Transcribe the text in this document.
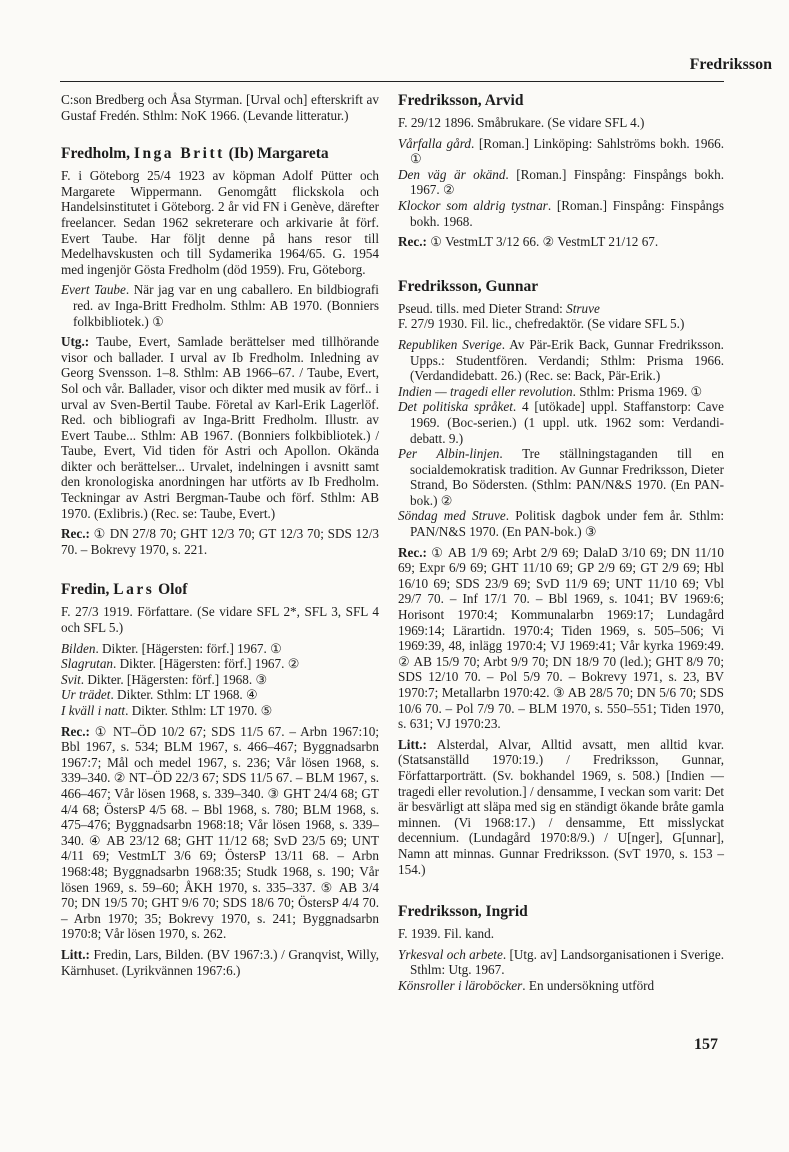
Fredriksson

C:son Bredberg och Åsa Styrman. [Urval och] efterskrift av Gustaf Fredén. Sthlm: NoK 1966. (Levande litteratur.)

Fredholm, Inga Britt (Ib) Margareta

F. i Göteborg 25/4 1923 av köpman Adolf Pütter och Margarete Wippermann. Genomgått flickskola och Handelsinstitutet i Göteborg. 2 år vid FN i Genève, därefter freelancer. Sedan 1962 sekreterare och arkivarie åt förf. Evert Taube. Har följt denne på hans resor till Medelhavskusten och till Sydamerika 1964/65. G. 1954 med ingenjör Gösta Fredholm (död 1959). Fru, Göteborg.

Evert Taube. När jag var en ung caballero. En bildbiografi red. av Inga-Britt Fredholm. Sthlm: AB 1970. (Bonniers folkbibliotek.) ①

Utg.: Taube, Evert, Samlade berättelser med tillhörande visor och ballader. I urval av Ib Fredholm. Inledning av Georg Svensson. 1–8. Sthlm: AB 1966–67. / Taube, Evert, Sol och vår. Ballader, visor och dikter med musik av förf.. i urval av Sven-Bertil Taube. Företal av Karl-Erik Lagerlöf. Red. och bibliografi av Inga-Britt Fredholm. Illustr. av Evert Taube... Sthlm: AB 1967. (Bonniers folkbibliotek.) / Taube, Evert, Vid tiden för Astri och Apollon. Okända dikter och berättelser... Urvalet, indelningen i avsnitt samt den kronologiska anordningen har utförts av Ib Fredholm. Teckningar av Astri Bergman-Taube och förf. Sthlm: AB 1970. (Exlibris.) (Rec. se: Taube, Evert.)

Rec.: ① DN 27/8 70; GHT 12/3 70; GT 12/3 70; SDS 12/3 70. – Bokrevy 1970, s. 221.

Fredin, Lars Olof

F. 27/3 1919. Författare. (Se vidare SFL 2*, SFL 3, SFL 4 och SFL 5.)

Bilden. Dikter. [Hägersten: förf.] 1967. ①

Slagrutan. Dikter. [Hägersten: förf.] 1967. ②

Svit. Dikter. [Hägersten: förf.] 1968. ③

Ur trädet. Dikter. Sthlm: LT 1968. ④

I kväll i natt. Dikter. Sthlm: LT 1970. ⑤

Rec.: ① NT–ÖD 10/2 67; SDS 11/5 67. – Arbn 1967:10; Bbl 1967, s. 534; BLM 1967, s. 466–467; Byggnadsarbn 1967:7; Mål och medel 1967, s. 236; Vår lösen 1968, s. 339–340. ② NT–ÖD 22/3 67; SDS 11/5 67. – BLM 1967, s. 466–467; Vår lösen 1968, s. 339–340. ③ GHT 24/4 68; GT 4/4 68; ÖstersP 4/5 68. – Bbl 1968, s. 780; BLM 1968, s. 475–476; Byggnadsarbn 1968:18; Vår lösen 1968, s. 339–340. ④ AB 23/12 68; GHT 11/12 68; SvD 23/5 69; UNT 4/11 69; VestmLT 3/6 69; ÖstersP 13/11 68. – Arbn 1968:48; Byggnadsarbn 1968:35; Studk 1968, s. 190; Vår lösen 1969, s. 59–60; ÅKH 1970, s. 335–337. ⑤ AB 3/4 70; DN 19/5 70; GHT 9/6 70; SDS 18/6 70; ÖstersP 4/4 70. – Arbn 1970; 35; Bokrevy 1970, s. 241; Byggnadsarbn 1970:8; Vår lösen 1970, s. 262.

Litt.: Fredin, Lars, Bilden. (BV 1967:3.) / Granqvist, Willy, Kärnhuset. (Lyrikvännen 1967:6.)

Fredriksson, Arvid

F. 29/12 1896. Småbrukare. (Se vidare SFL 4.)

Vårfalla gård. [Roman.] Linköping: Sahlströms bokh. 1966. ①

Den väg är okänd. [Roman.] Finspång: Finspångs bokh. 1967. ②

Klockor som aldrig tystnar. [Roman.] Finspång: Finspångs bokh. 1968.

Rec.: ① VestmLT 3/12 66. ② VestmLT 21/12 67.

Fredriksson, Gunnar

Pseud. tills. med Dieter Strand: Struve
F. 27/9 1930. Fil. lic., chefredaktör. (Se vidare SFL 5.)

Republiken Sverige. Av Pär-Erik Back, Gunnar Fredriksson. Upps.: Studentfören. Verdandi; Sthlm: Prisma 1966. (Verdandidebatt. 26.) (Rec. se: Back, Pär-Erik.)

Indien — tragedi eller revolution. Sthlm: Prisma 1969. ①

Det politiska språket. 4 [utökade] uppl. Staffanstorp: Cave 1969. (Boc-serien.) (1 uppl. utk. 1962 som: Verdandi-debatt. 9.)

Per Albin-linjen. Tre ställningstaganden till en socialdemokratisk tradition. Av Gunnar Fredriksson, Dieter Strand, Bo Södersten. (Sthlm: PAN/N&S 1970. (En PAN-bok.) ②

Söndag med Struve. Politisk dagbok under fem år. Sthlm: PAN/N&S 1970. (En PAN-bok.) ③

Rec.: ① AB 1/9 69; Arbt 2/9 69; DalaD 3/10 69; DN 11/10 69; Expr 6/9 69; GHT 11/10 69; GP 2/9 69; GT 2/9 69; Hbl 16/10 69; SDS 23/9 69; SvD 11/9 69; UNT 11/10 69; Vbl 29/7 70. – Inf 17/1 70. – Bbl 1969, s. 1041; BV 1969:6; Horisont 1970:4; Kommunalarbn 1969:17; Lundagård 1969:14; Lärartidn. 1970:4; Tiden 1969, s. 505–506; Vi 1969:39, 48, inlägg 1970:4; VJ 1969:41; Vår kyrka 1969:49. ② AB 15/9 70; Arbt 9/9 70; DN 18/9 70 (led.); GHT 8/9 70; SDS 12/10 70. – Pol 5/9 70. – Bokrevy 1971, s. 23, BV 1970:7; Metallarbn 1970:42. ③ AB 28/5 70; DN 5/6 70; SDS 10/6 70. – Pol 7/9 70. – BLM 1970, s. 550–551; Tiden 1970, s. 631; VJ 1970:23.

Litt.: Alsterdal, Alvar, Alltid avsatt, men alltid kvar. (Statsanställd 1970:19.) / Fredriksson, Gunnar, Författarporträtt. (Sv. bokhandel 1969, s. 508.) [Indien — tragedi eller revolution.] / densamme, I veckan som varit: Det är besvärligt att släpa med sig en ständigt ökande bråte gamla minnen. (Vi 1968:17.) / densamme, Ett misslyckat decennium. (Lundagård 1970:8/9.) / U[nger], G[unnar], Namn att minnas. Gunnar Fredriksson. (SvT 1970, s. 153 –154.)

Fredriksson, Ingrid

F. 1939. Fil. kand.

Yrkesval och arbete. [Utg. av] Landsorganisationen i Sverige. Sthlm: Utg. 1967.

Könsroller i läroböcker. En undersökning utförd

157
